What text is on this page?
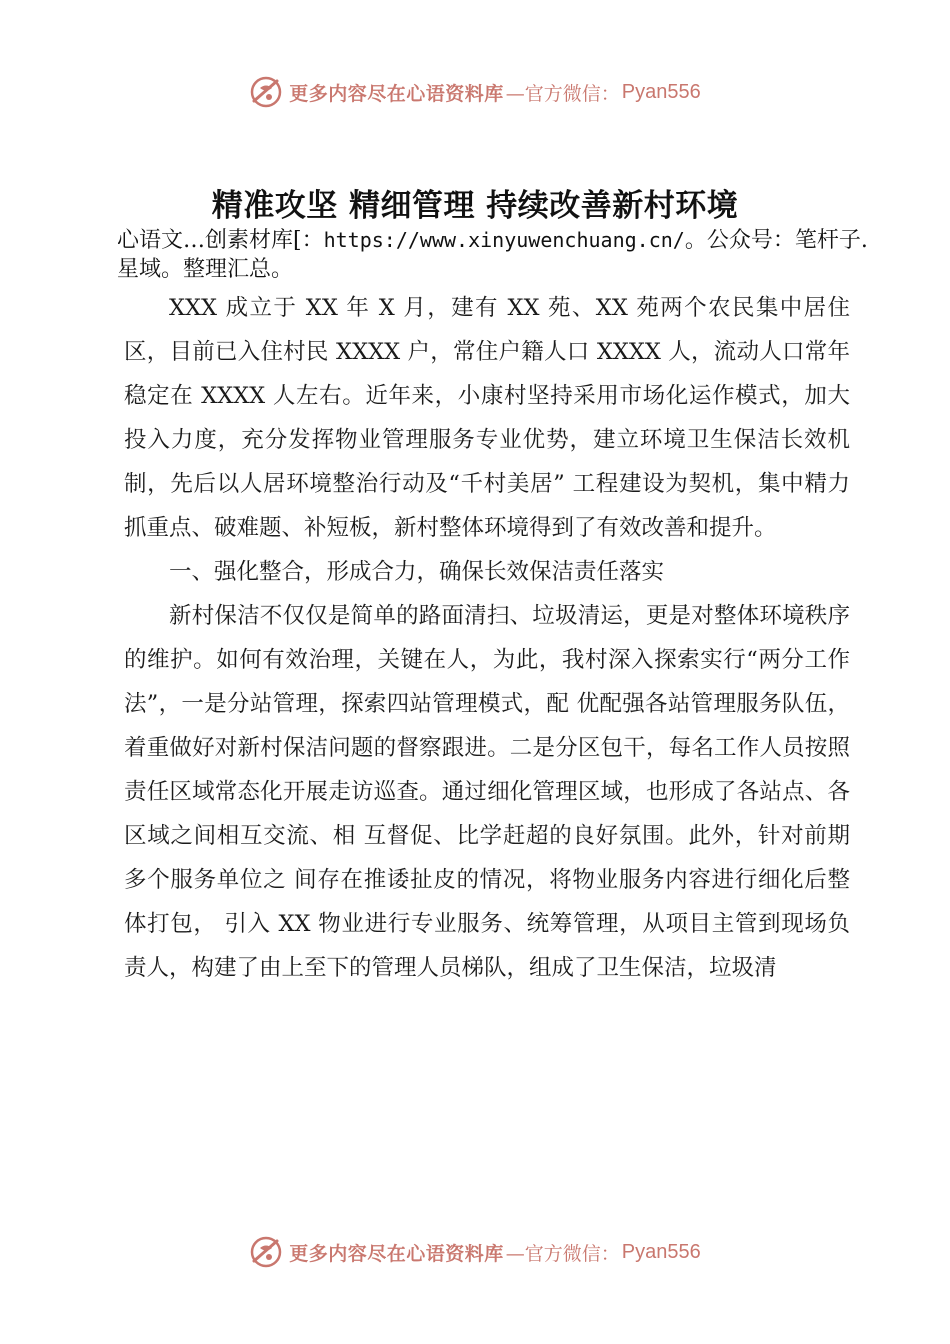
更多内容尽在心语资料库 —官方微信： Pyan556
精准攻坚 精细管理 持续改善新村环境
心语文…创素材库[：https://www.xinyuwenchuang.cn/。公众号：笔杆子.星域。整理汇总。

XXX 成立于 XX 年 X 月，建有 XX 苑、XX 苑两个农民集中居住区，目前已入住村民 XXXX 户，常住户籍人口 XXXX 人，流动人口常年稳定在 XXXX 人左右。近年来，小康村坚持采用市场化运作模式，加大投入力度，充分发挥物业管理服务专业优势，建立环境卫生保洁长效机制，先后以人居环境整治行动及“千村美居” 工程建设为契机，集中精力抓重点、破难题、补短板，新村整体环境得到了有效改善和提升。

一、强化整合，形成合力，确保长效保洁责任落实

新村保洁不仅仅是简单的路面清扫、垃圾清运，更是对整体环境秩序的维护。如何有效治理，关键在人，为此，我村深入探索实行“两分工作法”，一是分站管理，探索四站管理模式，配 优配强各站管理服务队伍，着重做好对新村保洁问题的督察跟进。二是分区包干，每名工作人员按照责任区域常态化开展走访巡查。通过细化管理区域，也形成了各站点、各区域之间相互交流、相 互督促、比学赶超的良好氛围。此外，针对前期多个服务单位之 间存在推诿扯皮的情况，将物业服务内容进行细化后整体打包， 引入 XX 物业进行专业服务、统筹管理，从项目主管到现场负责人，构建了由上至下的管理人员梯队，组成了卫生保洁，垃圾清

更多内容尽在心语资料库 —官方微信： Pyan556
